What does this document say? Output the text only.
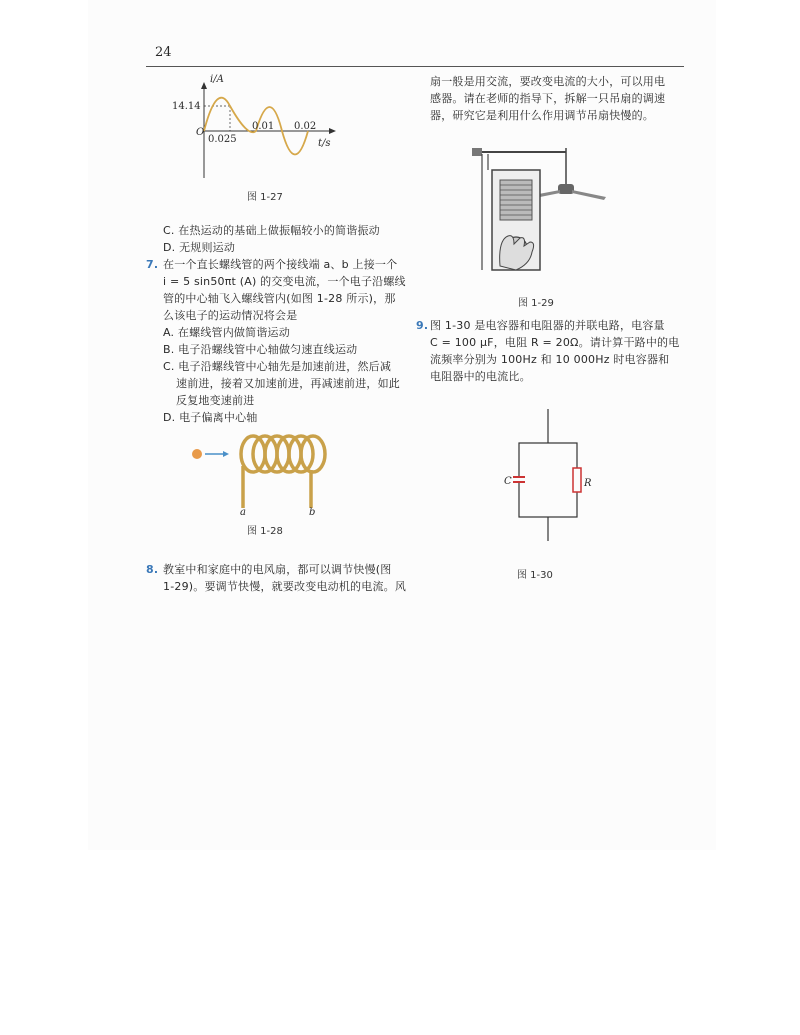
24
i/A
14.14
O
0.025
0.01 0.02
t/s
图 1-27
C. 在热运动的基础上做振幅较小的简谐振动
D. 无规则运动
7. 在一个直长螺线管的两个接线端 a、b 上接一个
i = 5 sin50πt (A) 的交变电流，一个电子沿螺线
管的中心轴飞入螺线管内(如图 1-28 所示)，那
么该电子的运动情况将会是
A. 在螺线管内做简谐运动
B. 电子沿螺线管中心轴做匀速直线运动
C. 电子沿螺线管中心轴先是加速前进，然后减
速前进，接着又加速前进，再减速前进，如此
反复地变速前进
D. 电子偏离中心轴
a	b
图 1-28
8. 教室中和家庭中的电风扇，都可以调节快慢(图
1-29)。要调节快慢，就要改变电动机的电流。风
扇一般是用交流，要改变电流的大小，可以用电
感器。请在老师的指导下，拆解一只吊扇的调速
器，研究它是利用什么作用调节吊扇快慢的。
图 1-29
9. 图 1-30 是电容器和电阻器的并联电路，电容量
C = 100 μF，电阻 R = 20Ω。请计算干路中的电
流频率分别为 100Hz 和 10 000Hz 时电容器和
电阻器中的电流比。
C	R
图 1-30
